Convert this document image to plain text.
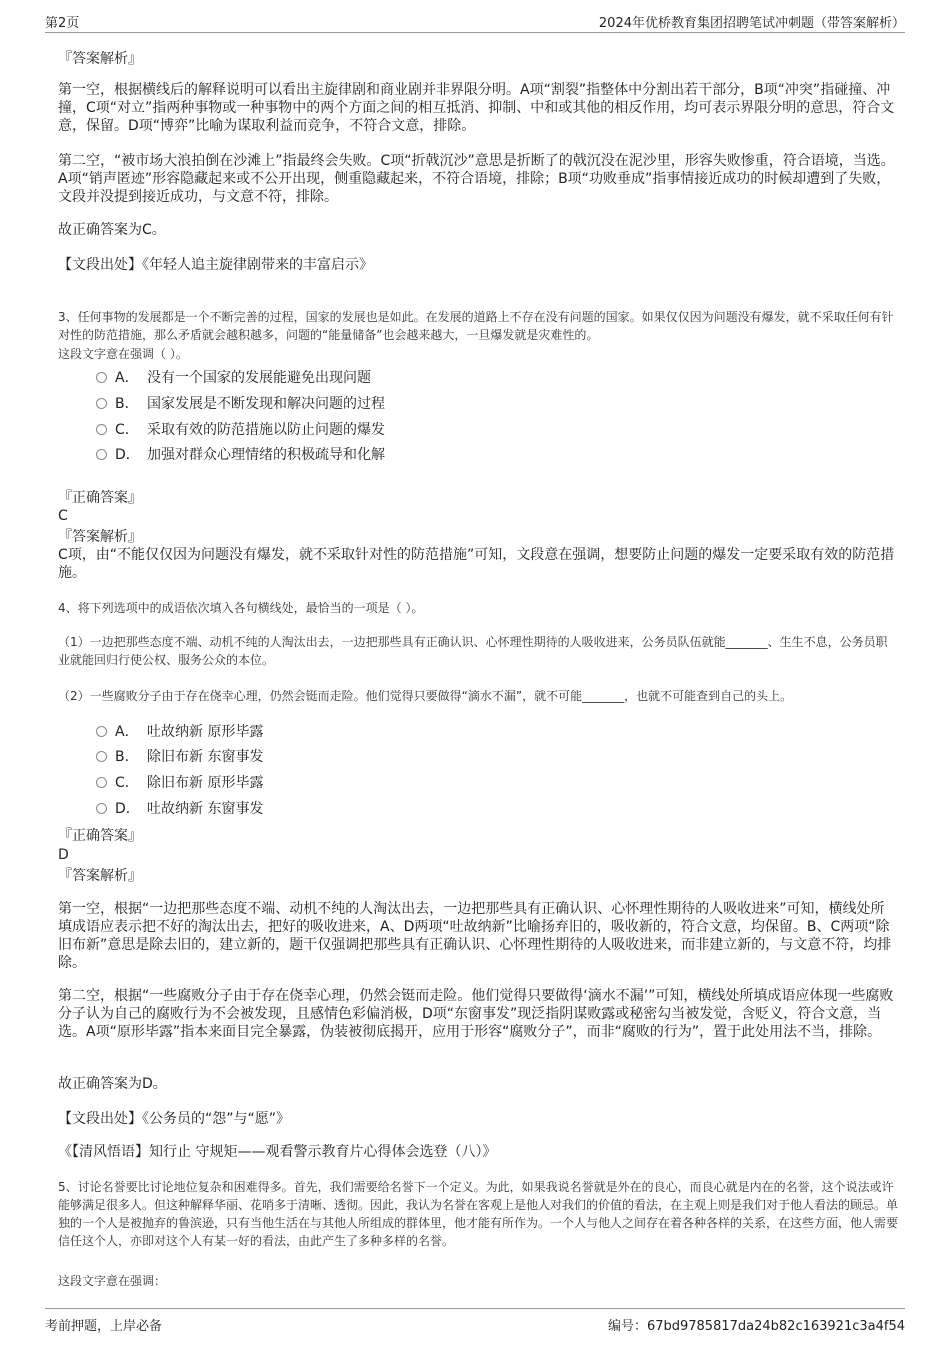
第2页	2024年优桥教育集团招聘笔试冲刺题（带答案解析）
『答案解析』
第一空，根据横线后的解释说明可以看出主旋律剧和商业剧并非界限分明。A项“割裂”指整体中分割出若干部分，B项“冲突”指碰撞、冲撞，C项“对立”指两种事物或一种事物中的两个方面之间的相互抵消、抑制、中和或其他的相反作用，均可表示界限分明的意思，符合文意，保留。D项“博弈”比喻为谋取利益而竞争，不符合文意，排除。
第二空，“被市场大浪拍倒在沙滩上”指最终会失败。C项“折戟沉沙”意思是折断了的戟沉没在泥沙里，形容失败惨重，符合语境，当选。A项“销声匿迹”形容隐藏起来或不公开出现，侧重隐藏起来，不符合语境，排除；B项“功败垂成”指事情接近成功的时候却遭到了失败，文段并没提到接近成功，与文意不符，排除。
故正确答案为C。
【文段出处】《年轻人追主旋律剧带来的丰富启示》
3、任何事物的发展都是一个不断完善的过程，国家的发展也是如此。在发展的道路上不存在没有问题的国家。如果仅仅因为问题没有爆发，就不采取任何有针对性的防范措施，那么矛盾就会越积越多，问题的“能量储备”也会越来越大，一旦爆发就是灾难性的。
这段文字意在强调（ ）。
A． 没有一个国家的发展能避免出现问题
B． 国家发展是不断发现和解决问题的过程
C． 采取有效的防范措施以防止问题的爆发
D． 加强对群众心理情绪的积极疏导和化解
『正确答案』
C
『答案解析』
C项，由“不能仅仅因为问题没有爆发，就不采取针对性的防范措施”可知，文段意在强调，想要防止问题的爆发一定要采取有效的防范措施。
4、将下列选项中的成语依次填入各句横线处，最恰当的一项是（ ）。
（1）一边把那些态度不端、动机不纯的人淘汰出去，一边把那些具有正确认识、心怀理性期待的人吸收进来，公务员队伍就能_______、生生不息，公务员职业就能回归行使公权、服务公众的本位。
（2）一些腐败分子由于存在侥幸心理，仍然会铤而走险。他们觉得只要做得“滴水不漏”，就不可能_______，也就不可能查到自己的头上。
A． 吐故纳新 原形毕露
B． 除旧布新 东窗事发
C． 除旧布新 原形毕露
D． 吐故纳新 东窗事发
『正确答案』
D
『答案解析』
第一空，根据“一边把那些态度不端、动机不纯的人淘汰出去，一边把那些具有正确认识、心怀理性期待的人吸收进来”可知，横线处所填成语应表示把不好的淘汰出去，把好的吸收进来，A、D两项“吐故纳新”比喻扬弃旧的，吸收新的，符合文意，均保留。B、C两项“除旧布新”意思是除去旧的，建立新的，题干仅强调把那些具有正确认识、心怀理性期待的人吸收进来，而非建立新的，与文意不符，均排除。
第二空，根据“一些腐败分子由于存在侥幸心理，仍然会铤而走险。他们觉得只要做得‘滴水不漏’”可知，横线处所填成语应体现一些腐败分子认为自己的腐败行为不会被发现，且感情色彩偏消极，D项“东窗事发”现泛指阴谋败露或秘密勾当被发觉，含贬义，符合文意，当选。A项“原形毕露”指本来面目完全暴露，伪装被彻底揭开，应用于形容“腐败分子”，而非“腐败的行为”，置于此处用法不当，排除。
故正确答案为D。
【文段出处】《公务员的“怨”与“愿”》
《【清风悟语】知行止 守规矩——观看警示教育片心得体会选登（八）》
5、讨论名誉要比讨论地位复杂和困难得多。首先，我们需要给名誉下一个定义。为此，如果我说名誉就是外在的良心，而良心就是内在的名誉，这个说法或许能够满足很多人。但这种解释华丽、花哨多于清晰、透彻。因此，我认为名誉在客观上是他人对我们的价值的看法，在主观上则是我们对于他人看法的顾忌。单独的一个人是被抛弃的鲁滨逊，只有当他生活在与其他人所组成的群体里，他才能有所作为。一个人与他人之间存在着各种各样的关系，在这些方面，他人需要信任这个人，亦即对这个人有某一好的看法，由此产生了多种多样的名誉。
这段文字意在强调：
考前押题，上岸必备	编号：67bd9785817da24b82c163921c3a4f54
